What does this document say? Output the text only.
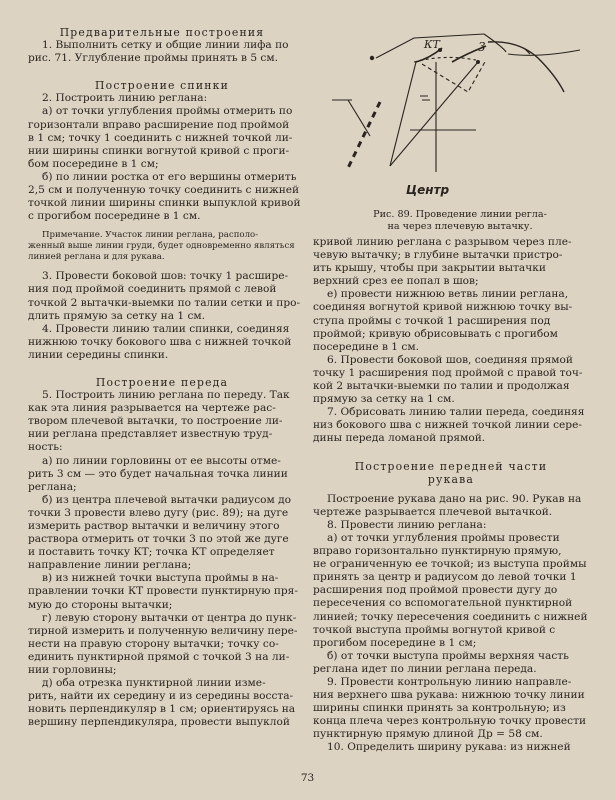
Предварительные построения
1. Выполнить сетку и общие линии лифа по
рис. 71. Углубление проймы принять в 5 см.
Построение спинки
2. Построить линию реглана:
а) от точки углубления проймы отмерить по
горизонтали вправо расширение под проймой
в 1 см; точку 1 соединить с нижней точкой ли-
нии ширины спинки вогнутой кривой с проги-
бом посередине в 1 см;
б) по линии ростка от его вершины отмерить
2,5 см и полученную точку соединить с нижней
точкой линии ширины спинки выпуклой кривой
с прогибом посередине в 1 см.
Примечание. Участок линии реглана, располо-
женный выше линии груди, будет одновременно являться
линией реглана и для рукава.
3. Провести боковой шов: точку 1 расшире-
ния под проймой соединить прямой с левой
точкой 2 вытачки-выемки по талии сетки и про-
длить прямую за сетку на 1 см.
4. Провести линию талии спинки, соединяя
нижнюю точку бокового шва с нижней точкой
линии середины спинки.
Построение переда
5. Построить линию реглана по переду. Так
как эта линия разрывается на чертеже рас-
твором плечевой вытачки, то построение ли-
нии реглана представляет известную труд-
ность:
а) по линии горловины от ее высоты отме-
рить 3 см — это будет начальная точка линии
реглана;
б) из центра плечевой вытачки радиусом до
точки 3 провести влево дугу (рис. 89); на дуге
измерить раствор вытачки и величину этого
раствора отмерить от точки 3 по этой же дуге
и поставить точку КТ; точка КТ определяет
направление линии реглана;
в) из нижней точки выступа проймы в на-
правлении точки КТ провести пунктирную пря-
мую до стороны вытачки;
г) левую сторону вытачки от центра до пунк-
тирной измерить и полученную величину пере-
нести на правую сторону вытачки; точку со-
единить пунктирной прямой с точкой 3 на ли-
нии горловины;
д) оба отрезка пунктирной линии изме-
рить, найти их середину и из середины восста-
новить перпендикуляр в 1 см; ориентируясь на
вершину перпендикуляра, провести выпуклой
кривой линию реглана с разрывом через пле-
чевую вытачку; в глубине вытачки пристро-
ить крышу, чтобы при закрытии вытачки
верхний срез ее попал в шов;
е) провести нижнюю ветвь линии реглана,
соединяя вогнутой кривой нижнюю точку вы-
ступа проймы с точкой 1 расширения под
проймой; кривую обрисовывать с прогибом
посередине в 1 см.
6. Провести боковой шов, соединяя прямой
точку 1 расширения под проймой с правой точ-
кой 2 вытачки-выемки по талии и продолжая
прямую за сетку на 1 см.
7. Обрисовать линию талии переда, соединяя
низ бокового шва с нижней точкой линии сере-
дины переда ломаной прямой.
Построение передней части
рукава
Построение рукава дано на рис. 90. Рукав на
чертеже разрывается плечевой вытачкой.
8. Провести линию реглана:
а) от точки углубления проймы провести
вправо горизонтально пунктирную прямую,
не ограниченную ее точкой; из выступа проймы
принять за центр и радиусом до левой точки 1
расширения под проймой провести дугу до
пересечения со вспомогательной пунктирной
линией; точку пересечения соединить с нижней
точкой выступа проймы вогнутой кривой с
прогибом посередине в 1 см;
б) от точки выступа проймы верхняя часть
реглана идет по линии реглана переда.
9. Провести контрольную линию направле-
ния верхнего шва рукава: нижнюю точку линии
ширины спинки принять за контрольную; из
конца плеча через контрольную точку провести
пунктирную прямую длиной Др = 58 см.
10. Определить ширину рукава: из нижней
КТ	3
Центр
Рис. 89. Проведение линии регла-
на через плечевую вытачку.
73
